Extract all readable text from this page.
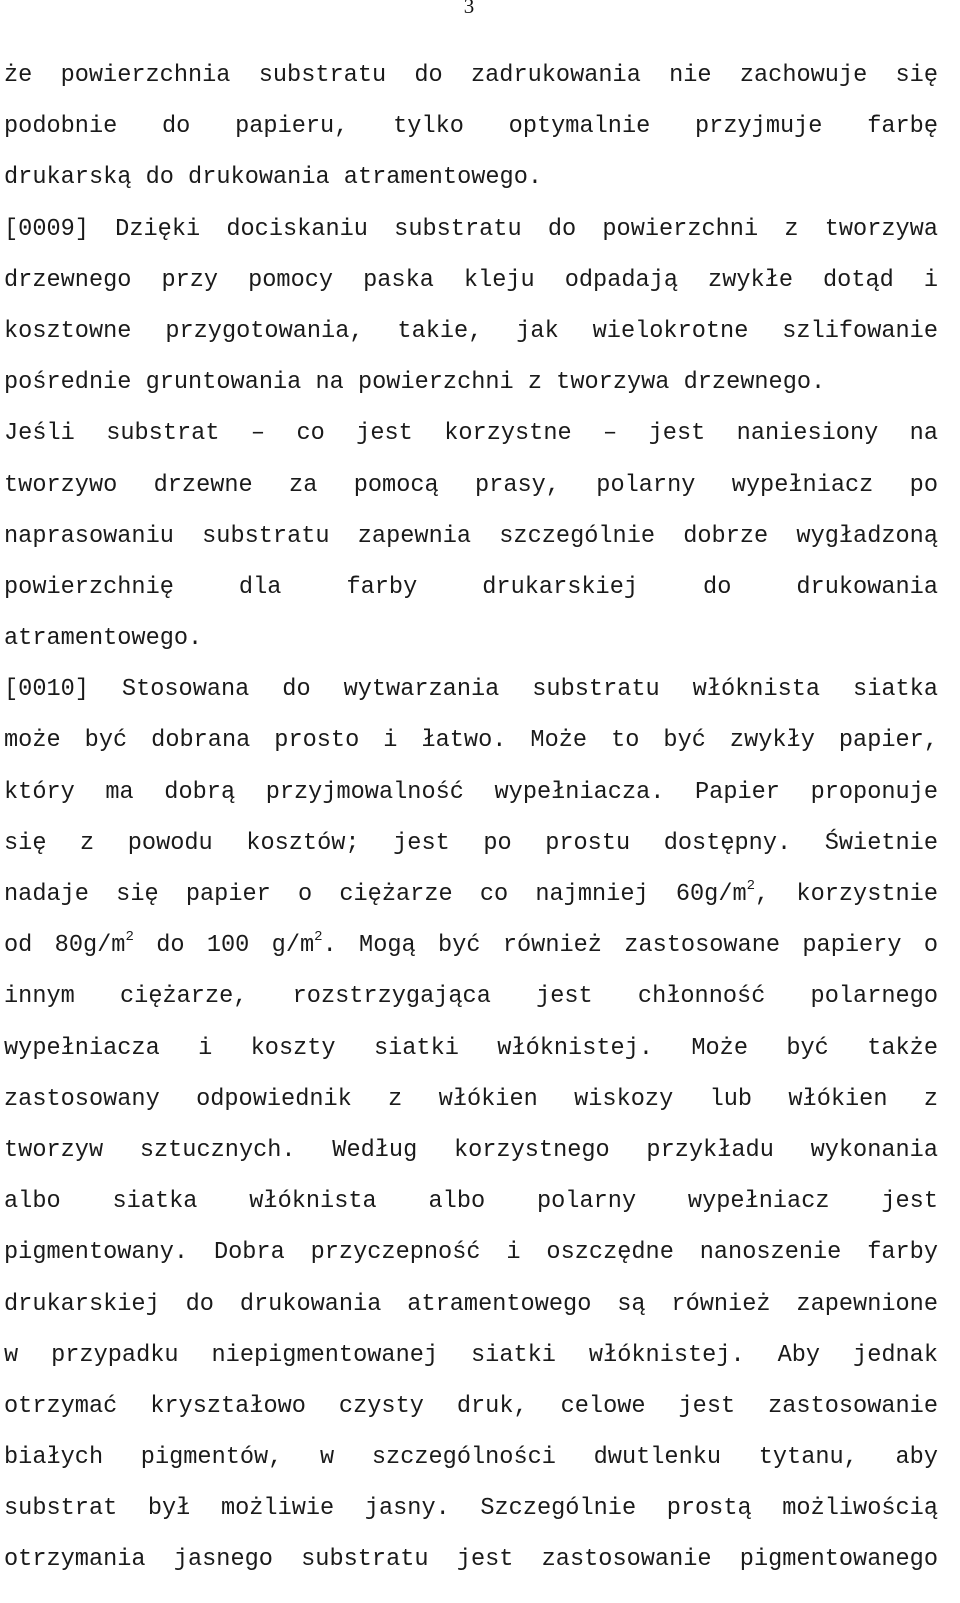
3
że powierzchnia substratu do zadrukowania nie zachowuje się
podobnie do papieru, tylko optymalnie przyjmuje farbę
drukarską do drukowania atramentowego.
[0009] Dzięki dociskaniu substratu do powierzchni z tworzywa
drzewnego przy pomocy paska kleju odpadają zwykłe dotąd i
kosztowne przygotowania, takie, jak wielokrotne szlifowanie
pośrednie gruntowania na powierzchni z tworzywa drzewnego.
Jeśli substrat – co jest korzystne – jest naniesiony na
tworzywo drzewne za pomocą prasy, polarny wypełniacz po
naprasowaniu substratu zapewnia szczególnie dobrze wygładzoną
powierzchnię dla farby drukarskiej do drukowania
atramentowego.
[0010] Stosowana do wytwarzania substratu włóknista siatka
może być dobrana prosto i łatwo. Może to być zwykły papier,
który ma dobrą przyjmowalność wypełniacza. Papier proponuje
się z powodu kosztów; jest po prostu dostępny. Świetnie
nadaje się papier o ciężarze co najmniej $60g/m^2$, korzystnie
od $80g/m^2$ do 100 $g/m^2$. Mogą być również zastosowane papiery o
innym ciężarze, rozstrzygająca jest chłonność polarnego
wypełniacza i koszty siatki włóknistej. Może być także
zastosowany odpowiednik z włókien wiskozy lub włókien z
tworzyw sztucznych. Według korzystnego przykładu wykonania
albo siatka włóknista albo polarny wypełniacz jest
pigmentowany. Dobra przyczepność i oszczędne nanoszenie farby
drukarskiej do drukowania atramentowego są również zapewnione
w przypadku niepigmentowanej siatki włóknistej. Aby jednak
otrzymać kryształowo czysty druk, celowe jest zastosowanie
białych pigmentów, w szczególności dwutlenku tytanu, aby
substrat był możliwie jasny. Szczególnie prostą możliwością
otrzymania jasnego substratu jest zastosowanie pigmentowanego
